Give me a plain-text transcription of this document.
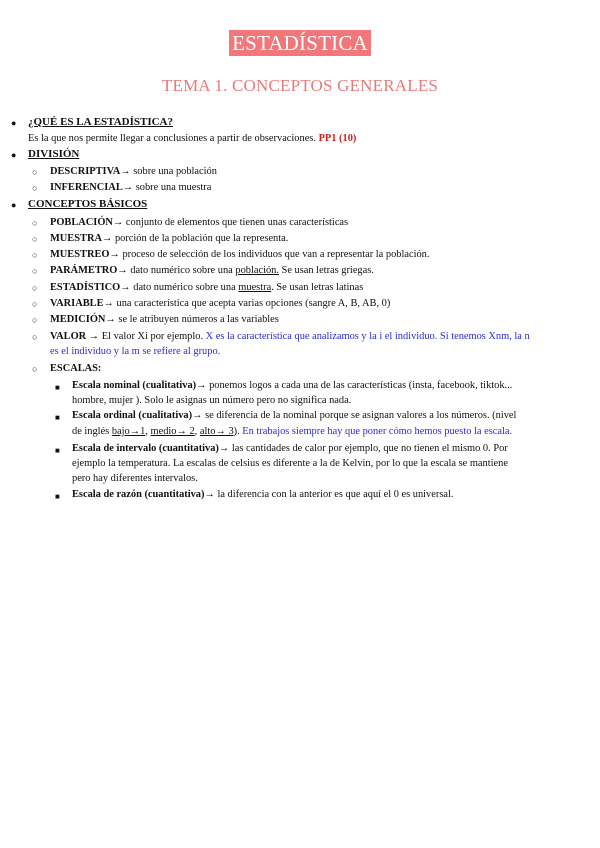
ESTADÍSTICA
TEMA 1. CONCEPTOS GENERALES
● ¿QUÉ ES LA ESTADÍSTICA?
Es la que nos permite llegar a conclusiones a partir de observaciones. PP1 (10)
● DIVISIÓN
○ DESCRIPTIVA→ sobre una población
○ INFERENCIAL→ sobre una muestra
● CONCEPTOS BÁSICOS
○ POBLACIÓN→ conjunto de elementos que tienen unas características
○ MUESTRA→ porción de la población que la representa.
○ MUESTREO→ proceso de selección de los individuos que van a representar la población.
○ PARÁMETRO→ dato numérico sobre una población. Se usan letras griegas.
○ ESTADÍSTICO→ dato numérico sobre una muestra. Se usan letras latinas
○ VARIABLE→ una característica que acepta varias opciones (sangre A, B, AB, 0)
○ MEDICIÓN→ se le atribuyen números a las variables
○ VALOR → El valor Xi por ejemplo. X es la característica que analizamos y la i el individuo. Si tenemos Xnm, la n
es el individuo y la m se refiere al grupo.
○ ESCALAS:
■ Escala nominal (cualitativa)→ ponemos logos a cada una de las características (insta, facebook, tiktok...
hombre, mujer ). Solo le asignas un número pero no significa nada.
■ Escala ordinal (cualitativa)→ se diferencia de la nominal porque se asignan valores a los números. (nivel
de inglés bajo→1, medio→ 2, alto→ 3). En trabajos siempre hay que poner cómo hemos puesto la escala.
■ Escala de intervalo (cuantitativa)→ las cantidades de calor por ejemplo, que no tienen el mismo 0. Por
ejemplo la temperatura. La escalas de celsius es diferente a la de Kelvin, por lo que la escala se mantiene
pero hay diferentes intervalos.
■ Escala de razón (cuantitativa)→ la diferencia con la anterior es que aquí el 0 es universal.
